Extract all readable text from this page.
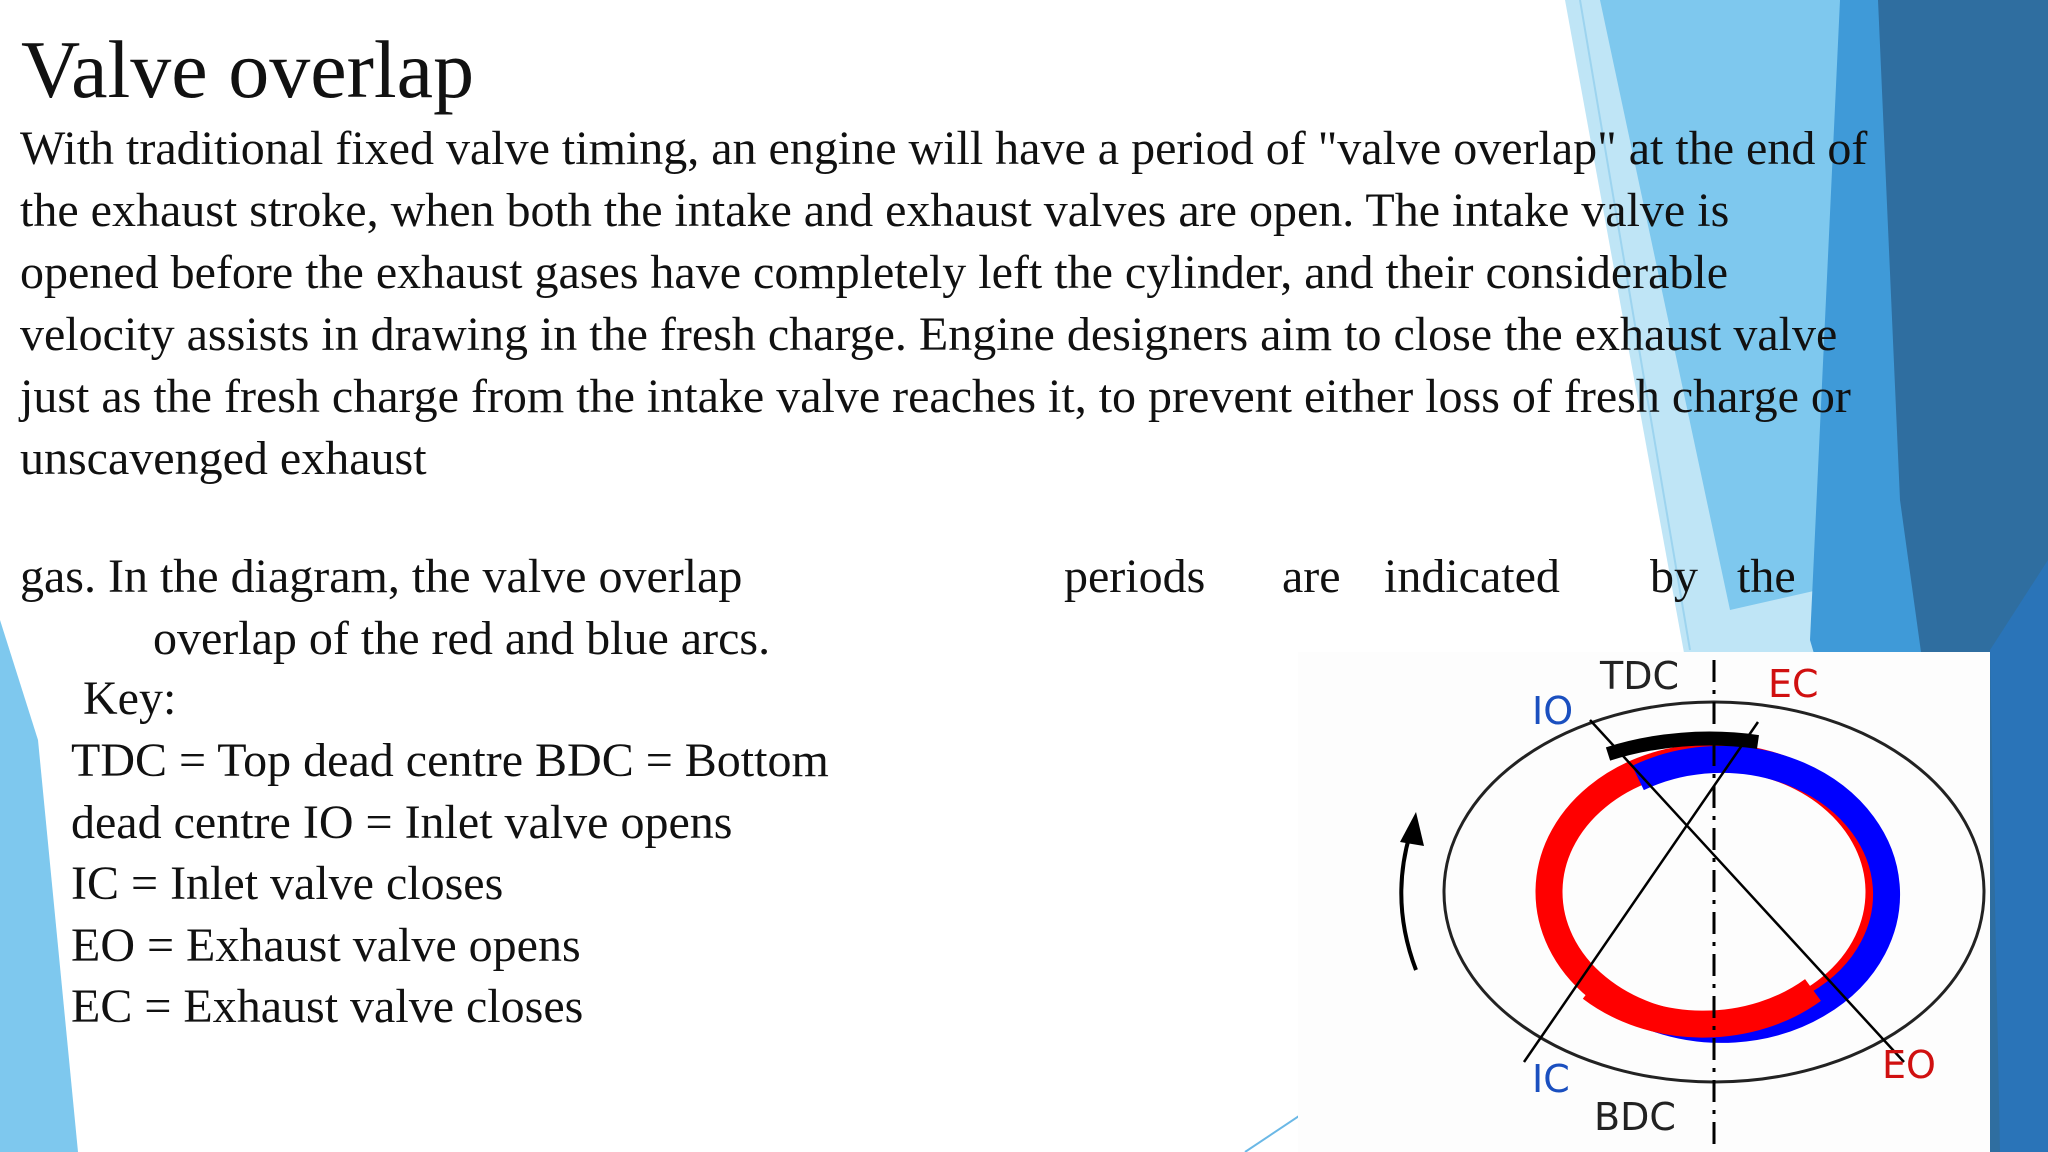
Valve overlap
With traditional fixed valve timing, an engine will have a period of "valve overlap" at the end of
the exhaust stroke, when both the intake and exhaust valves are open. The intake valve is
opened before the exhaust gases have completely left the cylinder, and their considerable
velocity assists in drawing in the fresh charge. Engine designers aim to close the exhaust valve
just as the fresh charge from the intake valve reaches it, to prevent either loss of fresh charge or
unscavenged exhaust
gas. In the diagram, the valve overlap	periods are indicated by the

overlap of the red and blue arcs.

Key:

TDC = Top dead centre BDC = Bottom
dead centre IO = Inlet valve opens
IC = Inlet valve closes
EO = Exhaust valve opens
EC = Exhaust valve closes
TDC
IO
EC
IC	EO
BDC
